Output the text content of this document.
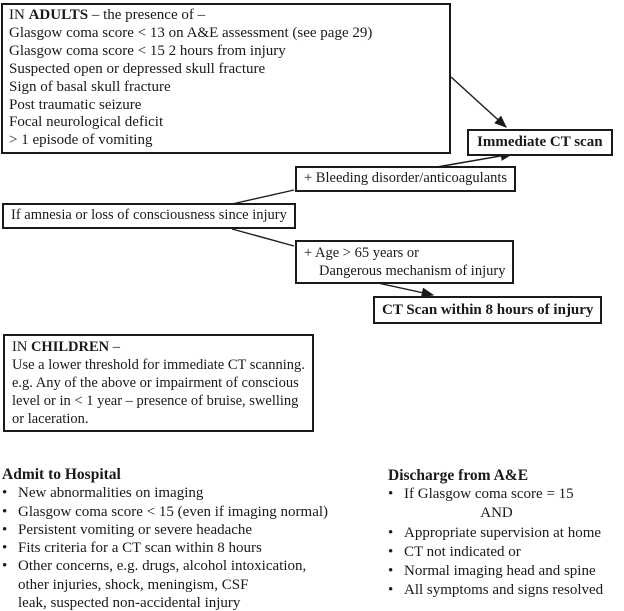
IN ADULTS – the presence of –
Glasgow coma score < 13 on A&E assessment (see page 29)
Glasgow coma score < 15 2 hours from injury
Suspected open or depressed skull fracture
Sign of basal skull fracture
Post traumatic seizure
Focal neurological deficit
> 1 episode of vomiting	Immediate CT scan
+ Bleeding disorder/anticoagulants
If amnesia or loss of consciousness since injury
+ Age > 65 years or
Dangerous mechanism of injury
CT Scan within 8 hours of injury
IN CHILDREN –
Use a lower threshold for immediate CT scanning.
e.g. Any of the above or impairment of conscious
level or in < 1 year – presence of bruise, swelling
or laceration.
Admit to Hospital
• New abnormalities on imaging
• Glasgow coma score < 15 (even if imaging normal)
• Persistent vomiting or severe headache
• Fits criteria for a CT scan within 8 hours
• Other concerns, e.g. drugs, alcohol intoxication,
other injuries, shock, meningism, CSF
leak, suspected non-accidental injury
Discharge from A&E
• If Glasgow coma score = 15
AND
• Appropriate supervision at home
• CT not indicated or
• Normal imaging head and spine
• All symptoms and signs resolved
